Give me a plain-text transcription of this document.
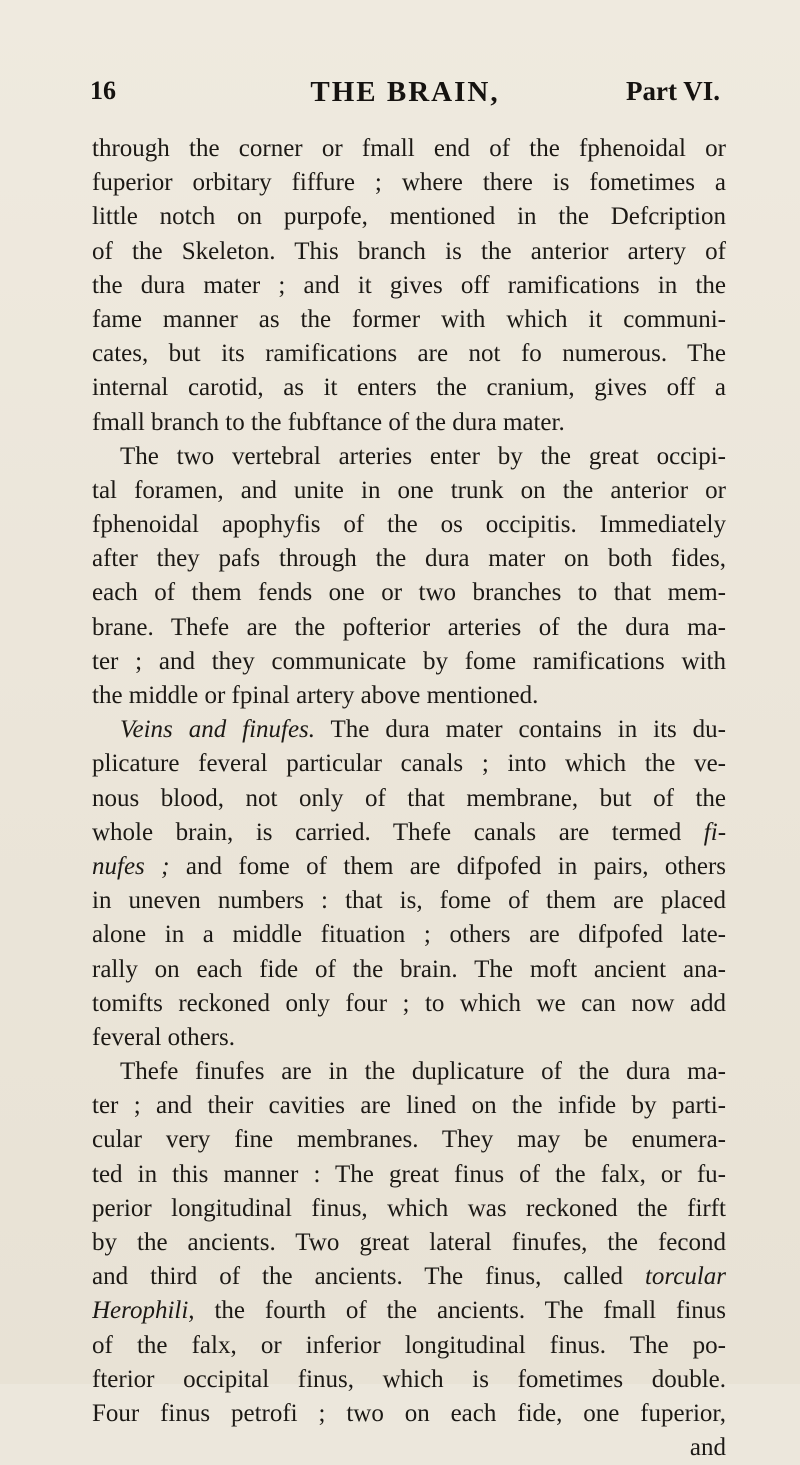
16	THE BRAIN,	Part VI.
through the corner or fmall end of the fphenoidal or
fuperior orbitary fiffure ; where there is fometimes a
little notch on purpofe, mentioned in the Defcription
of the Skeleton. This branch is the anterior artery of
the dura mater ; and it gives off ramifications in the
fame manner as the former with which it communi-
cates, but its ramifications are not fo numerous. The
internal carotid, as it enters the cranium, gives off a
fmall branch to the fubftance of the dura mater.
The two vertebral arteries enter by the great occipi-
tal foramen, and unite in one trunk on the anterior or
fphenoidal apophyfis of the os occipitis. Immediately
after they pafs through the dura mater on both fides,
each of them fends one or two branches to that mem-
brane. Thefe are the pofterior arteries of the dura ma-
ter ; and they communicate by fome ramifications with
the middle or fpinal artery above mentioned.
Veins and finufes. The dura mater contains in its du-
plicature feveral particular canals ; into which the ve-
nous blood, not only of that membrane, but of the
whole brain, is carried. Thefe canals are termed fi-
nufes ; and fome of them are difpofed in pairs, others
in uneven numbers : that is, fome of them are placed
alone in a middle fituation ; others are difpofed late-
rally on each fide of the brain. The moft ancient ana-
tomifts reckoned only four ; to which we can now add
feveral others.
Thefe finufes are in the duplicature of the dura ma-
ter ; and their cavities are lined on the infide by parti-
cular very fine membranes. They may be enumera-
ted in this manner : The great finus of the falx, or fu-
perior longitudinal finus, which was reckoned the firft
by the ancients. Two great lateral finufes, the fecond
and third of the ancients. The finus, called torcular
Herophili, the fourth of the ancients. The fmall finus
of the falx, or inferior longitudinal finus. The po-
fterior occipital finus, which is fometimes double.
Four finus petrofi ; two on each fide, one fuperior,
and
